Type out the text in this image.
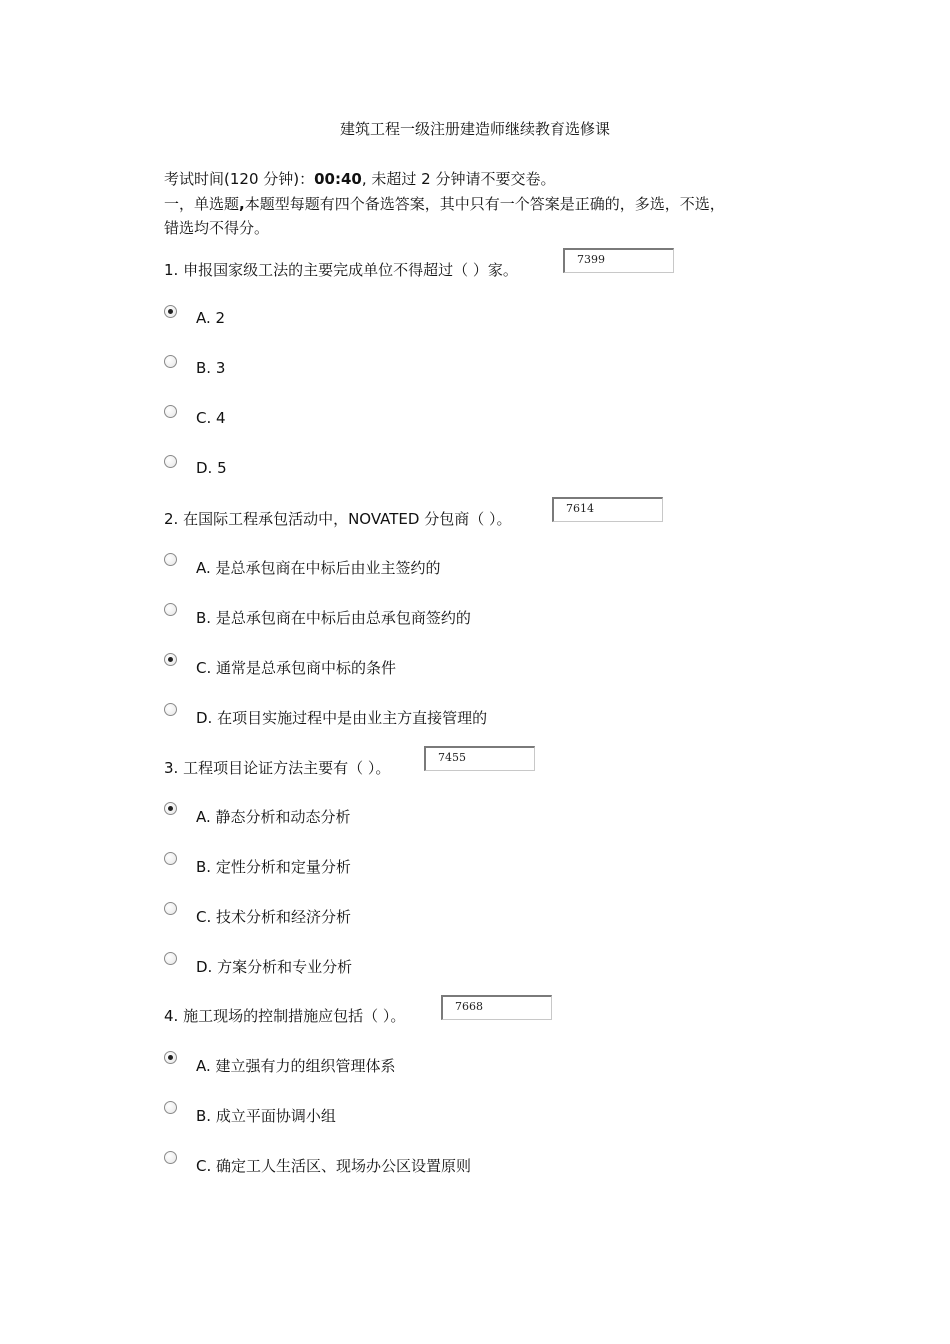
建筑工程一级注册建造师继续教育选修课
考试时间(120 分钟)：00:40, 未超过 2 分钟请不要交卷。
一，单选题,本题型每题有四个备选答案，其中只有一个答案是正确的，多选，不选，
错选均不得分。
1. 申报国家级工法的主要完成单位不得超过（ ）家。
7399
A. 2
B. 3
C. 4
D. 5
2. 在国际工程承包活动中，NOVATED 分包商（ ）。
7614
A. 是总承包商在中标后由业主签约的
B. 是总承包商在中标后由总承包商签约的
C. 通常是总承包商中标的条件
D. 在项目实施过程中是由业主方直接管理的
3. 工程项目论证方法主要有（ ）。
7455
A. 静态分析和动态分析
B. 定性分析和定量分析
C. 技术分析和经济分析
D. 方案分析和专业分析
4. 施工现场的控制措施应包括（ ）。
7668
A. 建立强有力的组织管理体系
B. 成立平面协调小组
C. 确定工人生活区、现场办公区设置原则
